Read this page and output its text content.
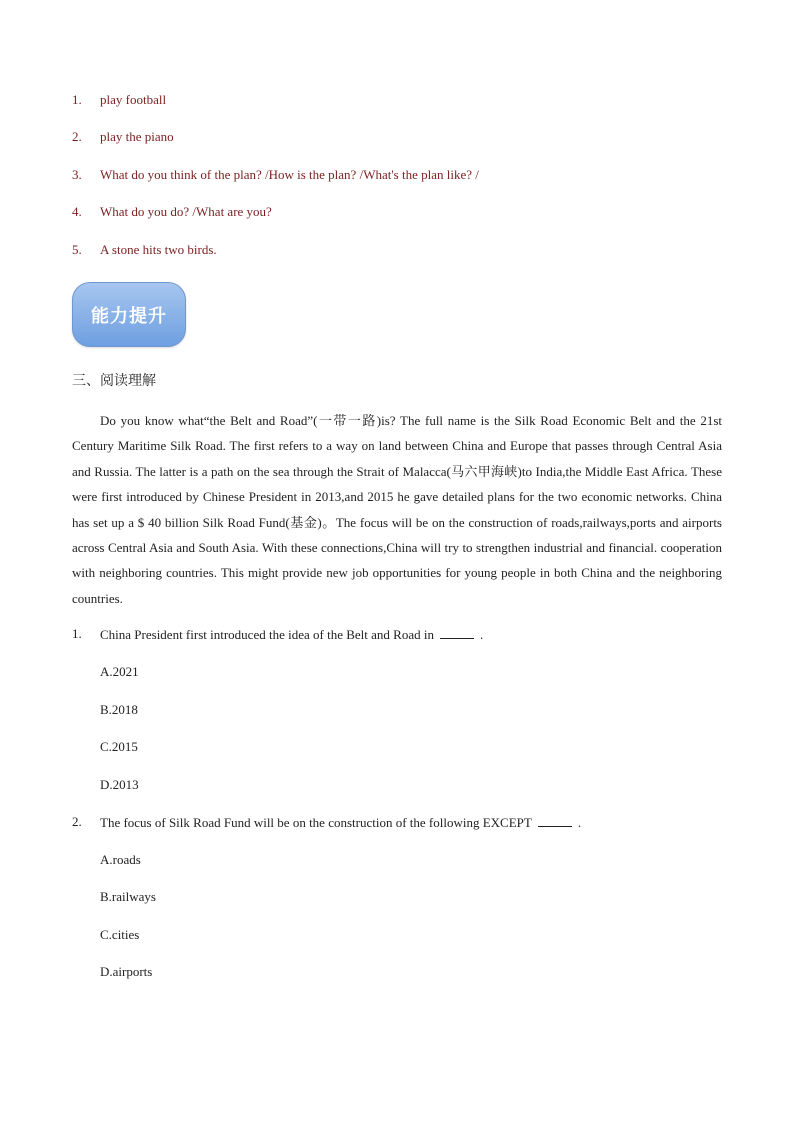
1.	play football
2.	play the piano
3.	What do you think of the plan? /How is the plan? /What's the plan like? /
4.	What do you do? /What are you?
5.	A stone hits two birds.
能力提升
三、阅读理解
Do you know what“the Belt and Road”(一带一路)is? The full name is the Silk Road Economic Belt and the 21st Century Maritime Silk Road. The first refers to a way on land between China and Europe that passes through Central Asia and Russia. The latter is a path on the sea through the Strait of Malacca(马六甲海峡)to India,the Middle East Africa. These were first introduced by Chinese President in 2013,and 2015 he gave detailed plans for the two economic networks. China has set up a $ 40 billion Silk Road Fund(基金)。The focus will be on the construction of roads,railways,ports and airports across Central Asia and South Asia. With these connections,China will try to strengthen industrial and financial. cooperation with neighboring countries. This might provide new job opportunities for young people in both China and the neighboring countries.
1.	China President first introduced the idea of the Belt and Road in	.
A.2021
B.2018
C.2015
D.2013
2.	The focus of Silk Road Fund will be on the construction of the following EXCEPT	.
A.roads
B.railways
C.cities
D.airports
